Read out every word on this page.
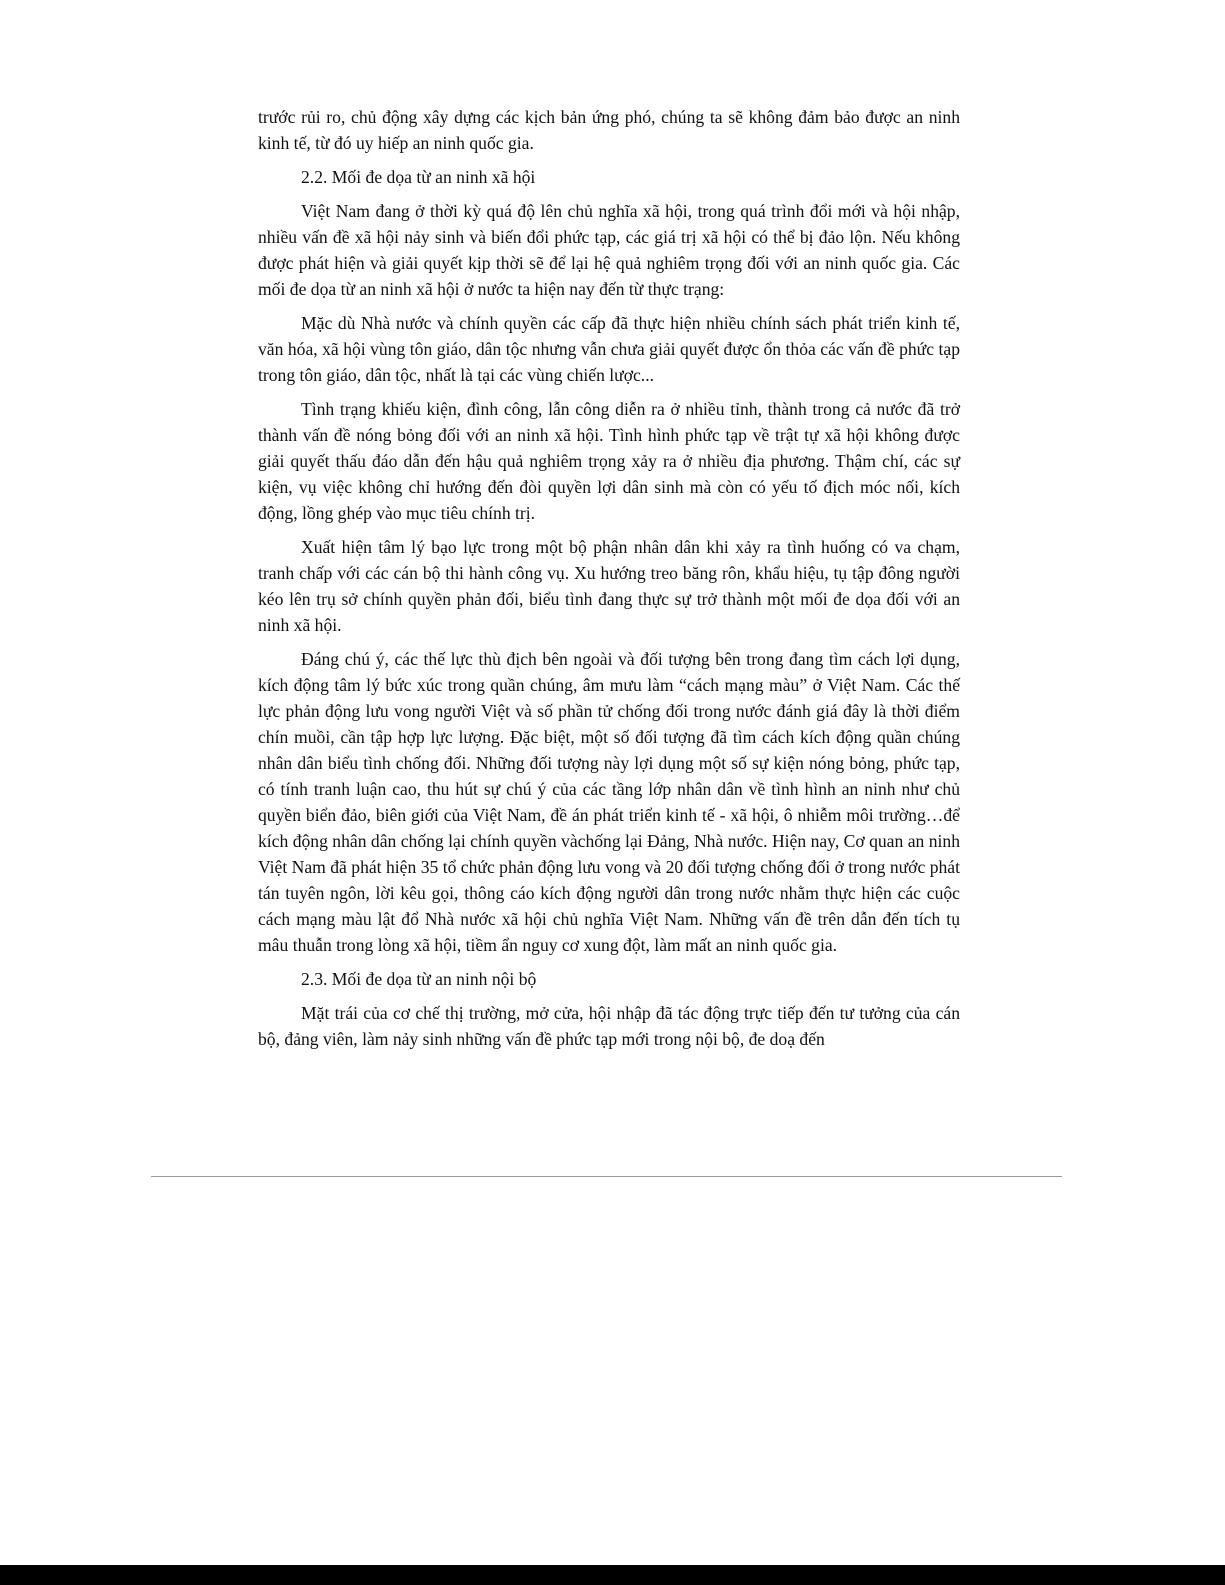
trước rủi ro, chủ động xây dựng các kịch bản ứng phó, chúng ta sẽ không đảm bảo được an ninh kinh tế, từ đó uy hiếp an ninh quốc gia.

2.2. Mối đe dọa từ an ninh xã hội

Việt Nam đang ở thời kỳ quá độ lên chủ nghĩa xã hội, trong quá trình đổi mới và hội nhập, nhiều vấn đề xã hội nảy sinh và biến đổi phức tạp, các giá trị xã hội có thể bị đảo lộn. Nếu không được phát hiện và giải quyết kịp thời sẽ để lại hệ quả nghiêm trọng đối với an ninh quốc gia. Các mối đe dọa từ an ninh xã hội ở nước ta hiện nay đến từ thực trạng:

Mặc dù Nhà nước và chính quyền các cấp đã thực hiện nhiều chính sách phát triển kinh tế, văn hóa, xã hội vùng tôn giáo, dân tộc nhưng vẫn chưa giải quyết được ổn thỏa các vấn đề phức tạp trong tôn giáo, dân tộc, nhất là tại các vùng chiến lược...

Tình trạng khiếu kiện, đình công, lẫn công diễn ra ở nhiều tỉnh, thành trong cả nước đã trở thành vấn đề nóng bỏng đối với an ninh xã hội. Tình hình phức tạp về trật tự xã hội không được giải quyết thấu đáo dẫn đến hậu quả nghiêm trọng xảy ra ở nhiều địa phương. Thậm chí, các sự kiện, vụ việc không chỉ hướng đến đòi quyền lợi dân sinh mà còn có yếu tố địch móc nối, kích động, lồng ghép vào mục tiêu chính trị.

Xuất hiện tâm lý bạo lực trong một bộ phận nhân dân khi xảy ra tình huống có va chạm, tranh chấp với các cán bộ thi hành công vụ. Xu hướng treo băng rôn, khẩu hiệu, tụ tập đông người kéo lên trụ sở chính quyền phản đối, biểu tình đang thực sự trở thành một mối đe dọa đối với an ninh xã hội.

Đáng chú ý, các thế lực thù địch bên ngoài và đối tượng bên trong đang tìm cách lợi dụng, kích động tâm lý bức xúc trong quần chúng, âm mưu làm “cách mạng màu” ở Việt Nam. Các thế lực phản động lưu vong người Việt và số phần tử chống đối trong nước đánh giá đây là thời điểm chín muồi, cần tập hợp lực lượng. Đặc biệt, một số đối tượng đã tìm cách kích động quần chúng nhân dân biểu tình chống đối. Những đối tượng này lợi dụng một số sự kiện nóng bỏng, phức tạp, có tính tranh luận cao, thu hút sự chú ý của các tầng lớp nhân dân về tình hình an ninh như chủ quyền biển đảo, biên giới của Việt Nam, đề án phát triển kinh tế - xã hội, ô nhiễm môi trường…để kích động nhân dân chống lại chính quyền vàchống lại Đảng, Nhà nước. Hiện nay, Cơ quan an ninh Việt Nam đã phát hiện 35 tổ chức phản động lưu vong và 20 đối tượng chống đối ở trong nước phát tán tuyên ngôn, lời kêu gọi, thông cáo kích động người dân trong nước nhằm thực hiện các cuộc cách mạng màu lật đổ Nhà nước xã hội chủ nghĩa Việt Nam. Những vấn đề trên dẫn đến tích tụ mâu thuẫn trong lòng xã hội, tiềm ẩn nguy cơ xung đột, làm mất an ninh quốc gia.

2.3. Mối đe dọa từ an ninh nội bộ

Mặt trái của cơ chế thị trường, mở cửa, hội nhập đã tác động trực tiếp đến tư tưởng của cán bộ, đảng viên, làm nảy sinh những vấn đề phức tạp mới trong nội bộ, đe doạ đến
